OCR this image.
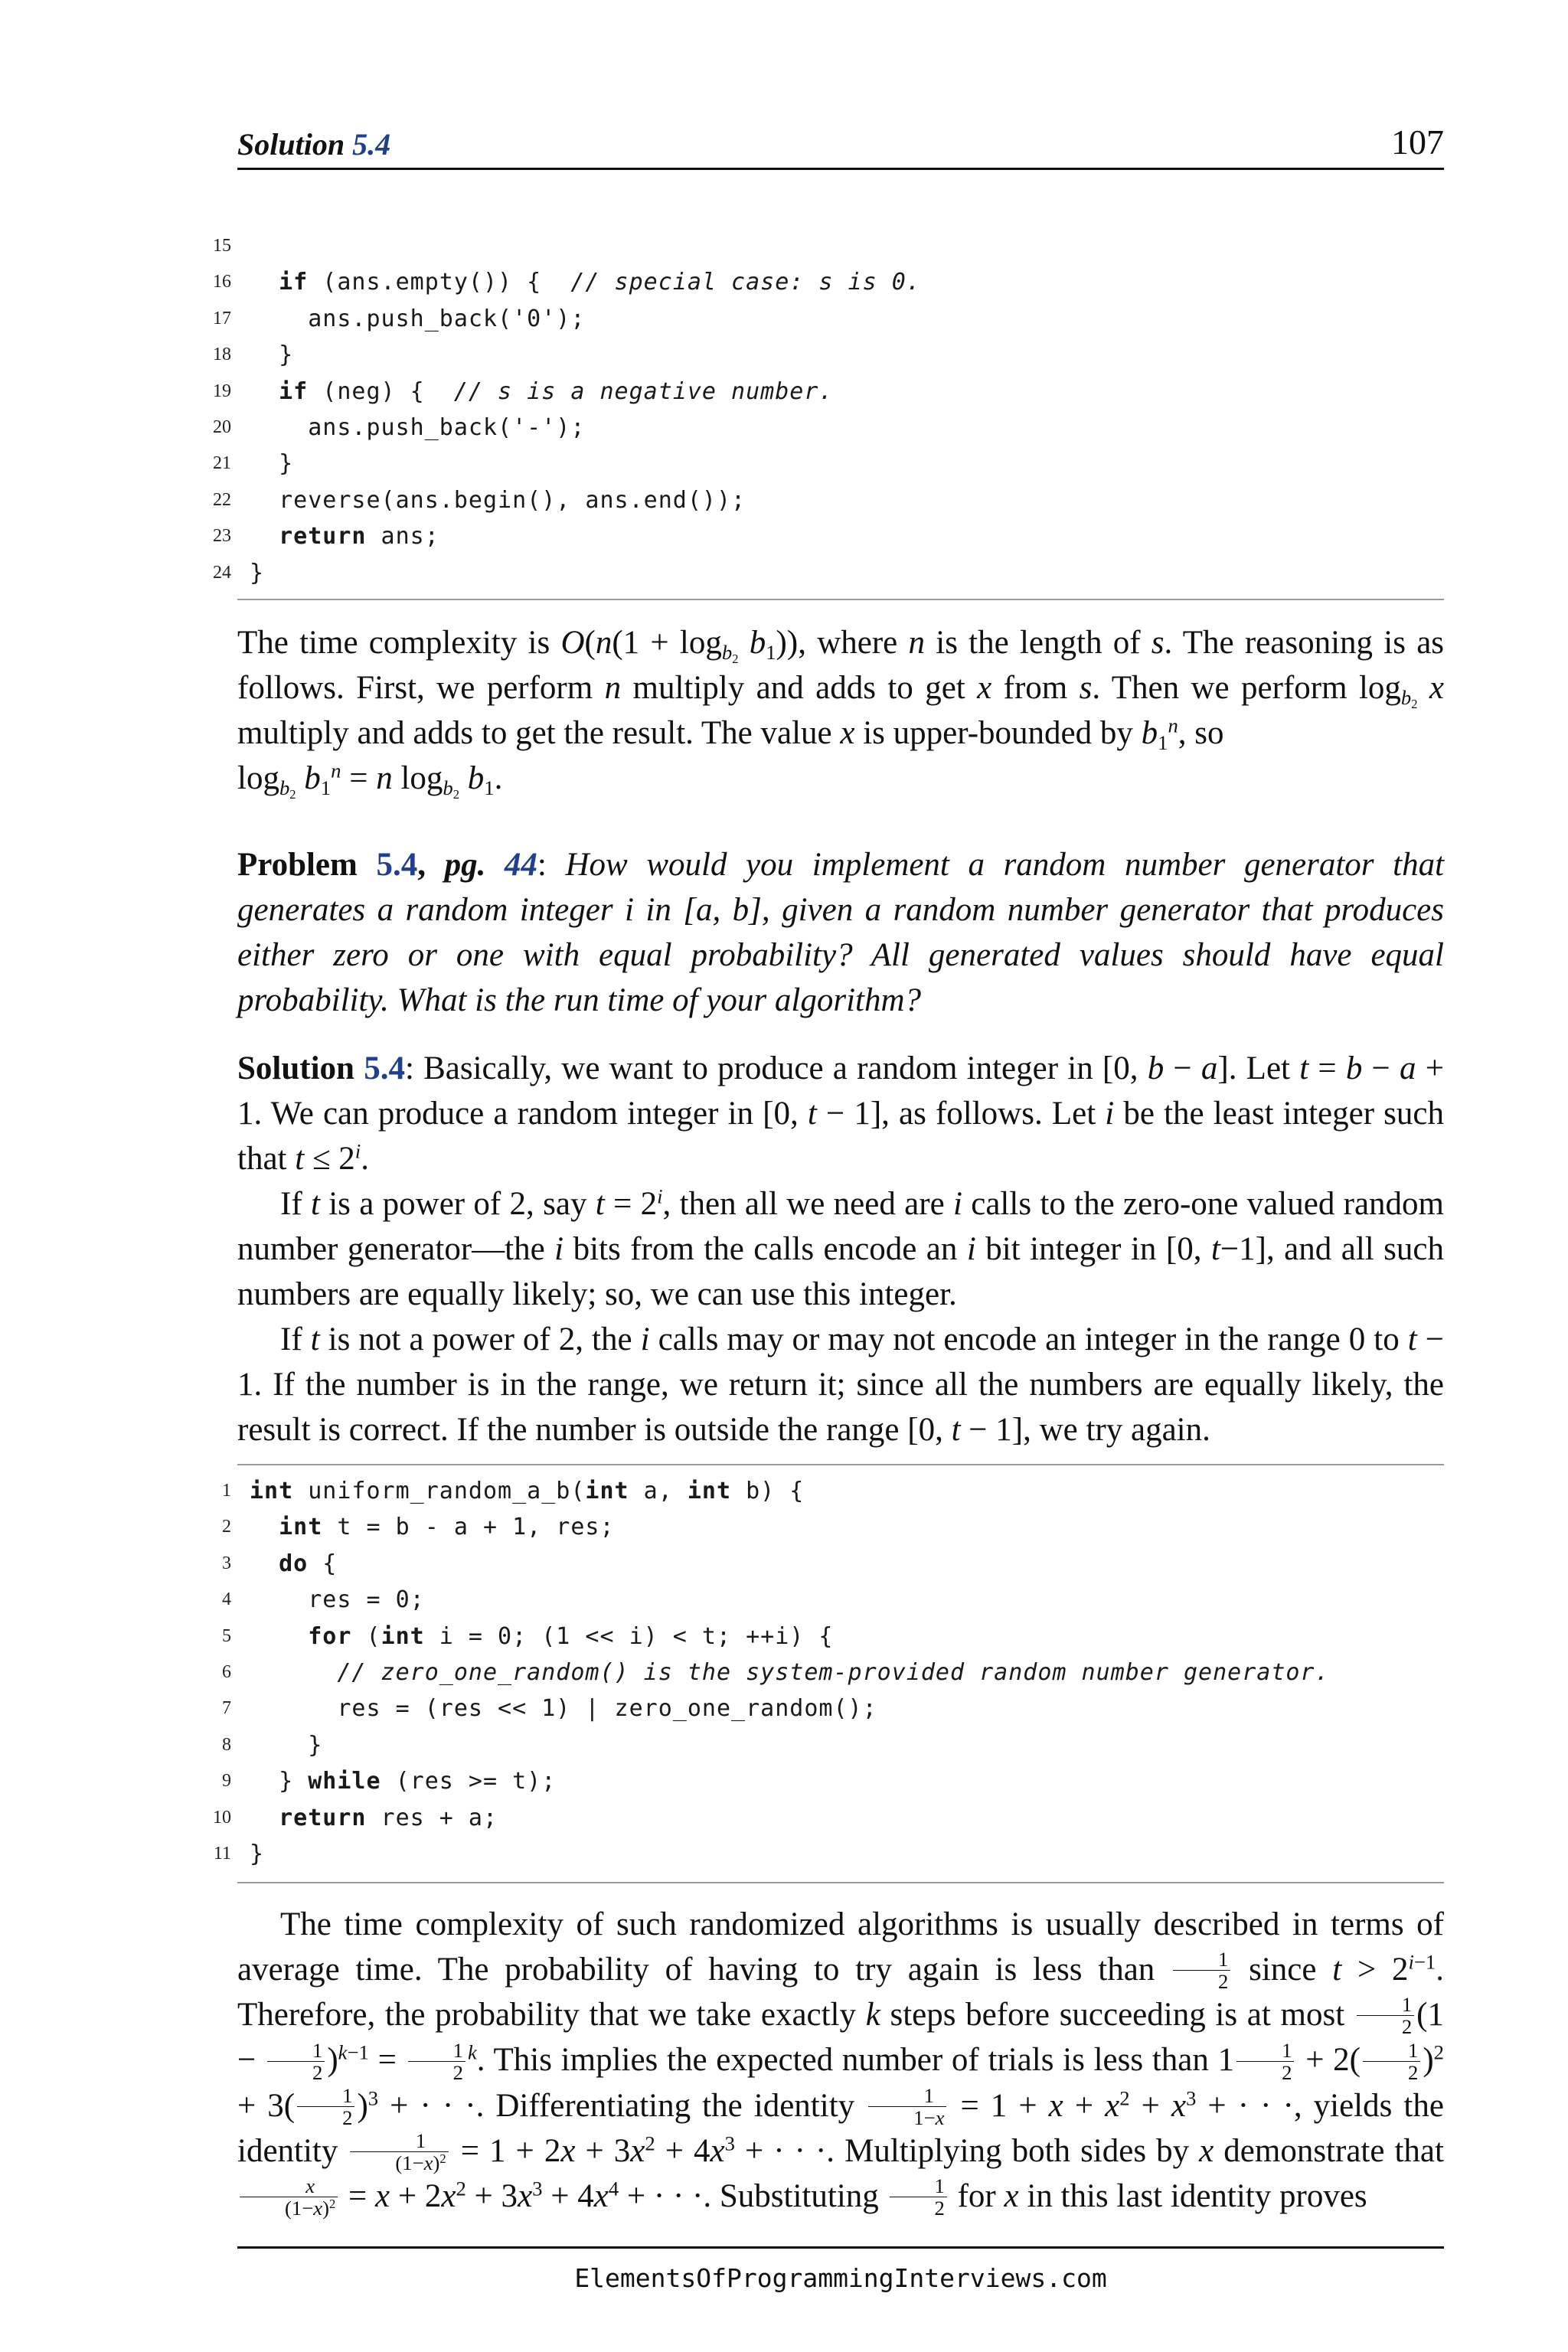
Solution 5.4	107
15
16	if (ans.empty()) {  // special case: s is 0.
17 ans.push_back('0');
18 }
19	if (neg) {  // s is a negative number.
20 ans.push_back('-');
21 }
22 reverse(ans.begin(), ans.end());
23	return ans;
24 }

The time complexity is $O(n(1 + \log_{b_2} b_1))$, where n is the length of s. The reasoning is as follows. First, we perform n multiply and adds to get x from s. Then we perform $\log_{b_2} x$ multiply and adds to get the result. The value x is upper-bounded by $b_1^n$, so
$\log_{b_2} b_1^n = n$ $\log_{b_2} b_1$.

Problem 5.4, pg. 44: How would you implement a random number generator that generates a random integer i in [a, b], given a random number generator that produces either zero or one with equal probability? All generated values should have equal probability. What is the run time of your algorithm?

Solution 5.4: Basically, we want to produce a random integer in [0, b − a]. Let t = b − a + 1. We can produce a random integer in [0, t − 1], as follows. Let i be the least integer such that $t \le 2^i$.

If t is a power of 2, say $t = 2^i$, then all we need are i calls to the zero-one valued random number generator—the i bits from the calls encode an i bit integer in [0, t−1], and all such numbers are equally likely; so, we can use this integer.

If t is not a power of 2, the i calls may or may not encode an integer in the range 0 to t − 1. If the number is in the range, we return it; since all the numbers are equally likely, the result is correct. If the number is outside the range [0, t − 1], we try again.

1 int uniform_random_a_b(int a, int b) {
2	int t = b - a + 1, res;
3	do {
4 res = 0;
5	for (int i = 0; (1 << i) < t; ++i) {
6	// zero_one_random() is the system-provided random number generator.
7 res = (res << 1) | zero_one_random();
8 }
9 } while (res >= t);
10	return res + a;
11 }

The time complexity of such randomized algorithms is usually described in terms of average time. The probability of having to try again is less than $\frac{1}{2}$ since $t > 2^{i-1}$. Therefore, the probability that we take exactly k steps before succeeding is at most $\frac{1}{2} (1 - \frac{1}{2} )^{k-1} = \frac{1}{2} ^k$. This implies the expected number of trials is less than $1 \frac{1}{2} + 2( \frac{1}{2} )^2 + 3( \frac{1}{2} )^3$ + · · ·. Differentiating the identity $\frac{1}{1-x} = 1 + x + x^2 + x^3$ + · · ·, yields the identity $\frac{1}{(1-x)^2} = 1 + 2x + 3x^2 + 4x^3$ + · · ·. Multiplying both sides by x demonstrate that
$\frac{x}{(1-x)^2} = x + 2x^2 + 3x^3 + 4x^4$ + · · ·. Substituting $\frac{1}{2}$ for x in this last identity proves

ElementsOfProgrammingInterviews.com
